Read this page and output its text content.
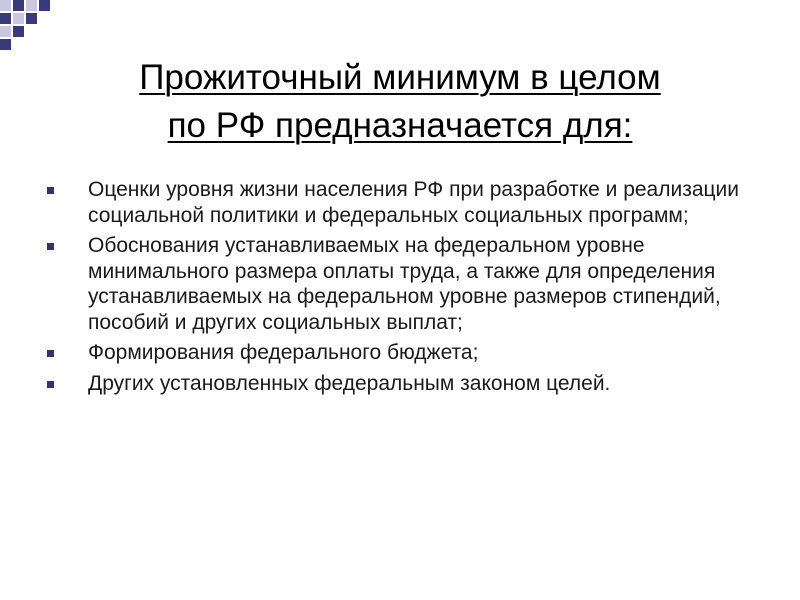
Прожиточный минимум в целом
по РФ предназначается для:
Оценки уровня жизни населения РФ при разработке и реализации социальной политики и федеральных социальных программ;
Обоснования устанавливаемых на федеральном уровне минимального размера оплаты труда, а также для определения устанавливаемых на федеральном уровне размеров стипендий, пособий и других социальных выплат;
Формирования федерального бюджета;
Других установленных федеральным законом целей.
